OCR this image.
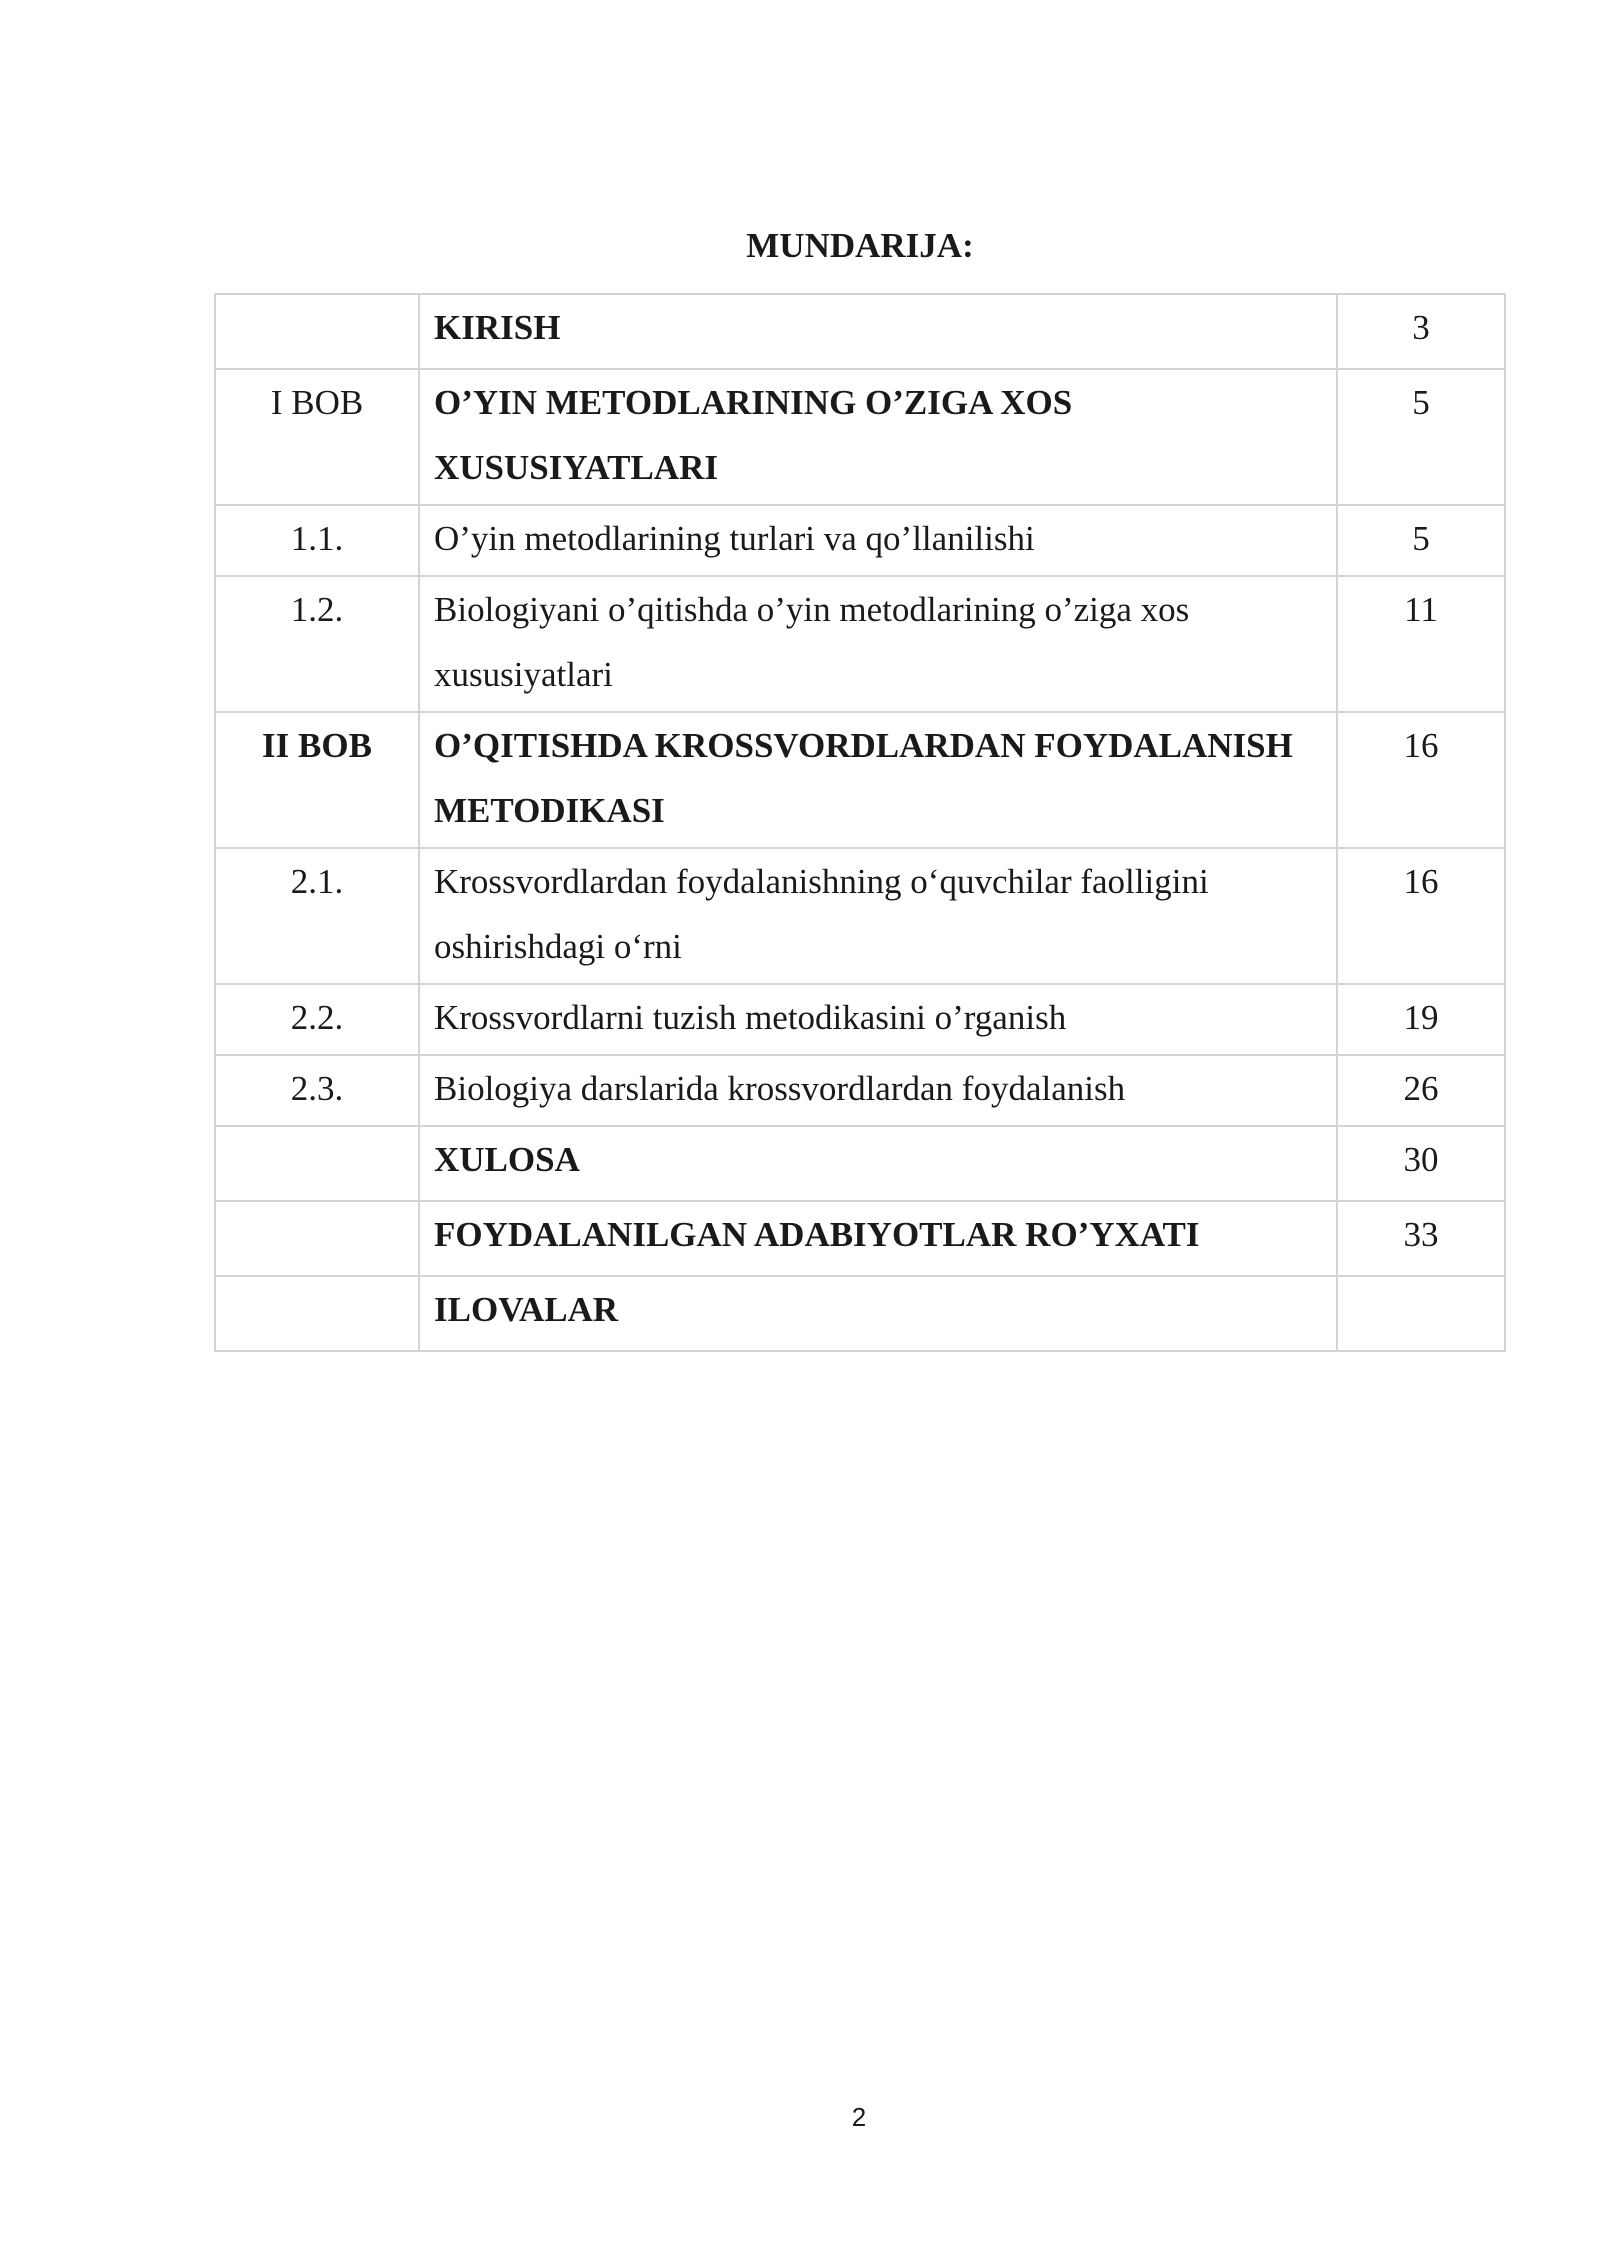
MUNDARIJA:
	KIRISH	3
I BOB	O’YIN METODLARINING O’ZIGA XOS XUSUSIYATLARI	5
1.1.	O’yin metodlarining turlari va qo’llanilishi	5
1.2.	Biologiyani o’qitishda o’yin metodlarining o’ziga xos xususiyatlari	11
II BOB	O’QITISHDA KROSSVORDLARDAN FOYDALANISH METODIKASI	16
2.1.	Krossvordlardan foydalanishning o‘quvchilar faolligini oshirishdagi o‘rni	16
2.2.	Krossvordlarni tuzish metodikasini o’rganish	19
2.3.	Biologiya darslarida krossvordlardan foydalanish	26
	XULOSA	30
	FOYDALANILGAN ADABIYOTLAR RO’YXATI	33
	ILOVALAR	
2
